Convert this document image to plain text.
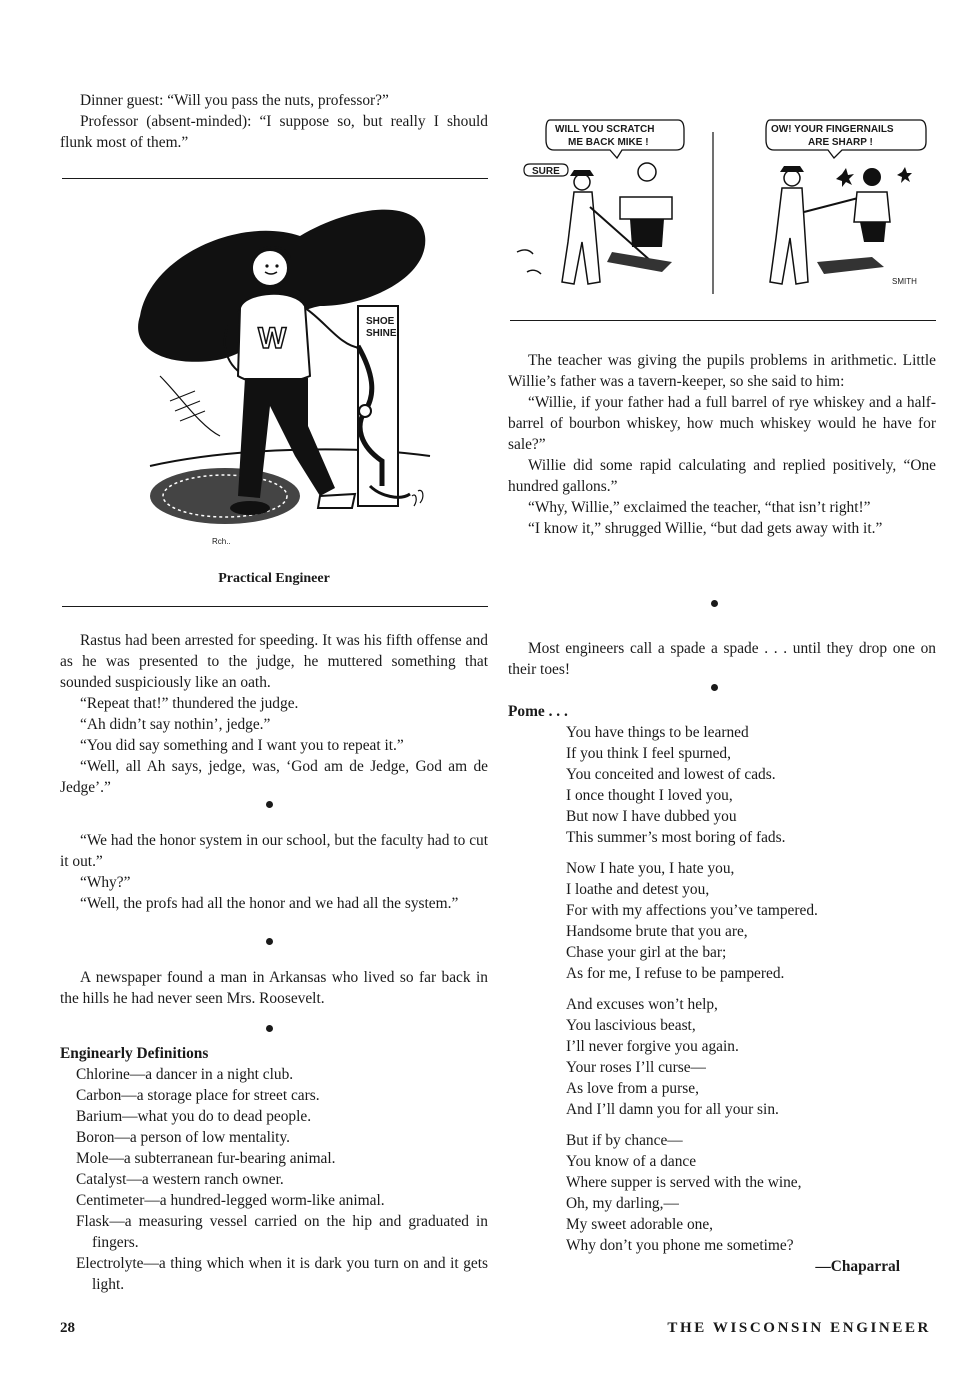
Dinner guest: “Will you pass the nuts, professor?”

Professor (absent-minded): “I suppose so, but really I should flunk most of them.”

SHOE
SHINE
W
Rch..
Practical Engineer

Rastus had been arrested for speeding. It was his fifth offense and as he was presented to the judge, he muttered something that sounded suspiciously like an oath.

“Repeat that!” thundered the judge.

“Ah didn’t say nothin’, jedge.”

“You did say something and I want you to repeat it.”

“Well, all Ah says, jedge, was, ‘God am de Jedge, God am de Jedge’.”

“We had the honor system in our school, but the faculty had to cut it out.”

“Why?”

“Well, the profs had all the honor and we had all the system.”

A newspaper found a man in Arkansas who lived so far back in the hills he had never seen Mrs. Roosevelt.

Enginearly Definitions

Chlorine—a dancer in a night club.

Carbon—a storage place for street cars.

Barium—what you do to dead people.

Boron—a person of low mentality.

Mole—a subterranean fur-bearing animal.

Catalyst—a western ranch owner.

Centimeter—a hundred-legged worm-like animal.

Flask—a measuring vessel carried on the hip and graduated in fingers.

Electrolyte—a thing which when it is dark you turn on and it gets light.

WILL YOU SCRATCH
ME BACK MIKE !
SURE
OW! YOUR FINGERNAILS
ARE SHARP !
SMITH

The teacher was giving the pupils problems in arithmetic. Little Willie’s father was a tavern-keeper, so she said to him:

“Willie, if your father had a full barrel of rye whiskey and a half-barrel of bourbon whiskey, how much whiskey would he have for sale?”

Willie did some rapid calculating and replied positively, “One hundred gallons.”

“Why, Willie,” exclaimed the teacher, “that isn’t right!”

“I know it,” shrugged Willie, “but dad gets away with it.”

Most engineers call a spade a spade . . . until they drop one on their toes!

Pome . . .

You have things to be learned

If you think I feel spurned,

You conceited and lowest of cads.

I once thought I loved you,

But now I have dubbed you

This summer’s most boring of fads.

Now I hate you, I hate you,

I loathe and detest you,

For with my affections you’ve tampered.

Handsome brute that you are,

Chase your girl at the bar;

As for me, I refuse to be pampered.

And excuses won’t help,

You lascivious beast,

I’ll never forgive you again.

Your roses I’ll curse—

As love from a purse,

And I’ll damn you for all your sin.

But if by chance—

You know of a dance

Where supper is served with the wine,

Oh, my darling,—

My sweet adorable one,

Why don’t you phone me sometime?

—Chaparral
28	THE WISCONSIN ENGINEER
